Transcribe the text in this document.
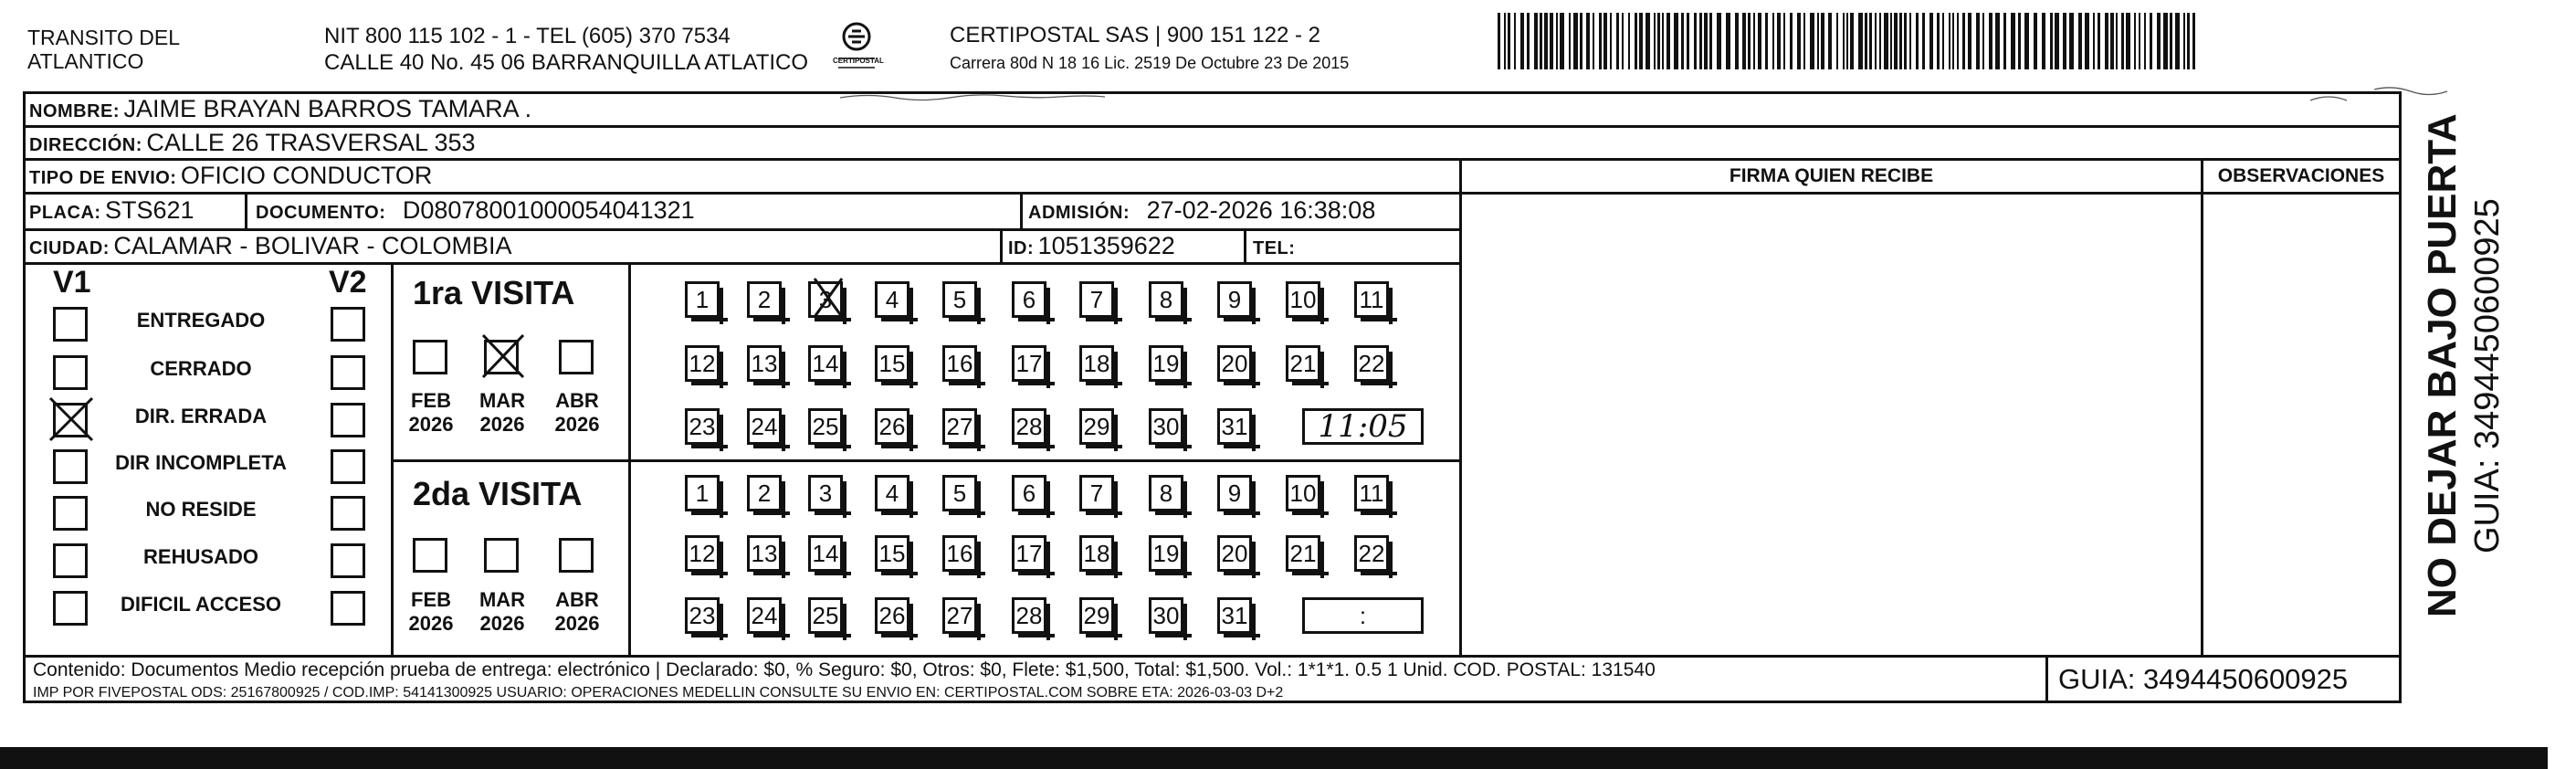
TRANSITO DEL
ATLANTICO
NIT 800 115 102 - 1 - TEL (605) 370 7534
CALLE 40 No. 45 06 BARRANQUILLA ATLATICO	CERTIPOSTAL
CERTIPOSTAL SAS | 900 151 122 - 2
Carrera 80d N 18 16 Lic. 2519 De Octubre 23 De 2015
NOMBRE: JAIME BRAYAN BARROS TAMARA .
DIRECCIÓN: CALLE 26 TRASVERSAL 353
TIPO DE ENVIO: OFICIO CONDUCTOR
PLACA: STS621	DOCUMENTO: D08078001000054041321	ADMISIÓN: 27-02-2026 16:38:08
CIUDAD: CALAMAR - BOLIVAR - COLOMBIA	ID: 1051359622	TEL:
FIRMA QUIEN RECIBE	OBSERVACIONES
V1	V2
ENTREGADO
CERRADO
DIR. ERRADA
DIR INCOMPLETA
NO RESIDE
REHUSADO
DIFICIL ACCESO
1ra VISITA
2da VISITA
FEB
2026
MAR
2026
ABR
2026
FEB
2026
MAR
2026
ABR
2026
1	2	3	4	5	6	7	8	9	10 11
12 13 14 15 16 17 18 19 20 21 22
23 24 25 26 27 28 29 30 31	11:05
1	2	3	4	5	6	7	8	9	10 11
12 13 14 15 16 17 18 19 20 21 22
23 24 25 26 27 28 29 30 31	:
Contenido: Documentos Medio recepción prueba de entrega: electrónico | Declarado: $0, % Seguro: $0, Otros: $0, Flete: $1,500, Total: $1,500. Vol.: 1*1*1. 0.5 1 Unid. COD. POSTAL: 131540
IMP POR FIVEPOSTAL ODS: 25167800925 / COD.IMP: 54141300925 USUARIO: OPERACIONES MEDELLIN CONSULTE SU ENVIO EN: CERTIPOSTAL.COM SOBRE ETA: 2026-03-03 D+2	GUIA: 3494450600925
NO DEJAR BAJO PUERTA GUIA: 3494450600925
